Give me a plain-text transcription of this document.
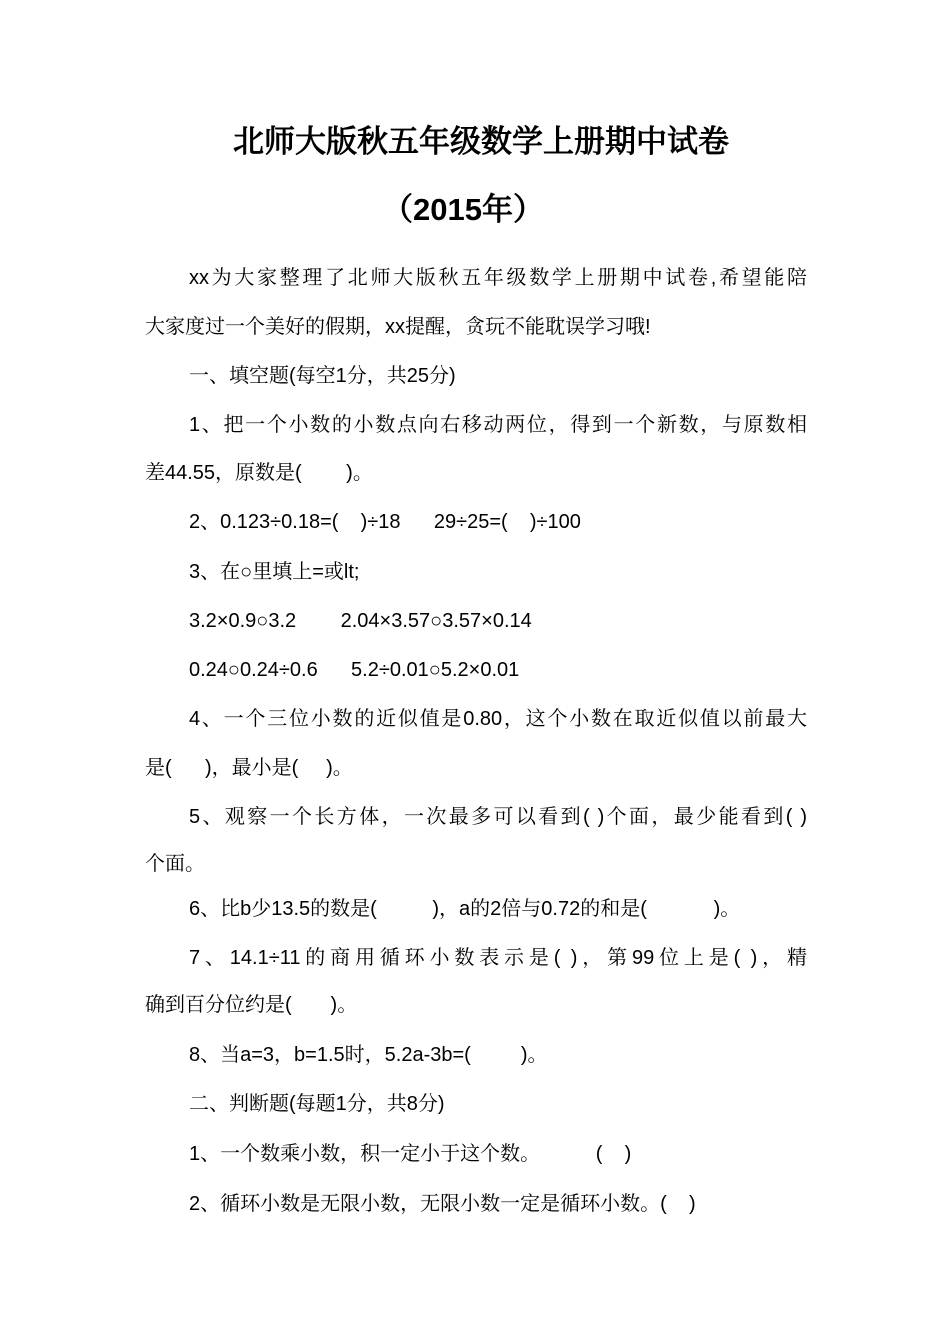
北师大版秋五年级数学上册期中试卷
（2015年）
xx为大家整理了北师大版秋五年级数学上册期中试卷,希望能陪
大家度过一个美好的假期，xx提醒，贪玩不能耽误学习哦!
一、填空题(每空1分，共25分)
1、把一个小数的小数点向右移动两位，得到一个新数，与原数相
差44.55，原数是(        )。
2、0.123÷0.18=(    )÷18      29÷25=(    )÷100
3、在○里填上=或lt;
3.2×0.9○3.2        2.04×3.57○3.57×0.14
0.24○0.24÷0.6      5.2÷0.01○5.2×0.01
4、一个三位小数的近似值是0.80，这个小数在取近似值以前最大
是(      )，最小是(     )。
5、观察一个长方体，一次最多可以看到( )个面，最少能看到( )
个面。
6、比b少13.5的数是(          )，a的2倍与0.72的和是(            )。
7、14.1÷11的商用循环小数表示是( )，第99位上是( )，精
确到百分位约是(       )。
8、当a=3，b=1.5时，5.2a-3b=(         )。
二、判断题(每题1分，共8分)
1、一个数乘小数，积一定小于这个数。          (    )
2、循环小数是无限小数，无限小数一定是循环小数。(    )
